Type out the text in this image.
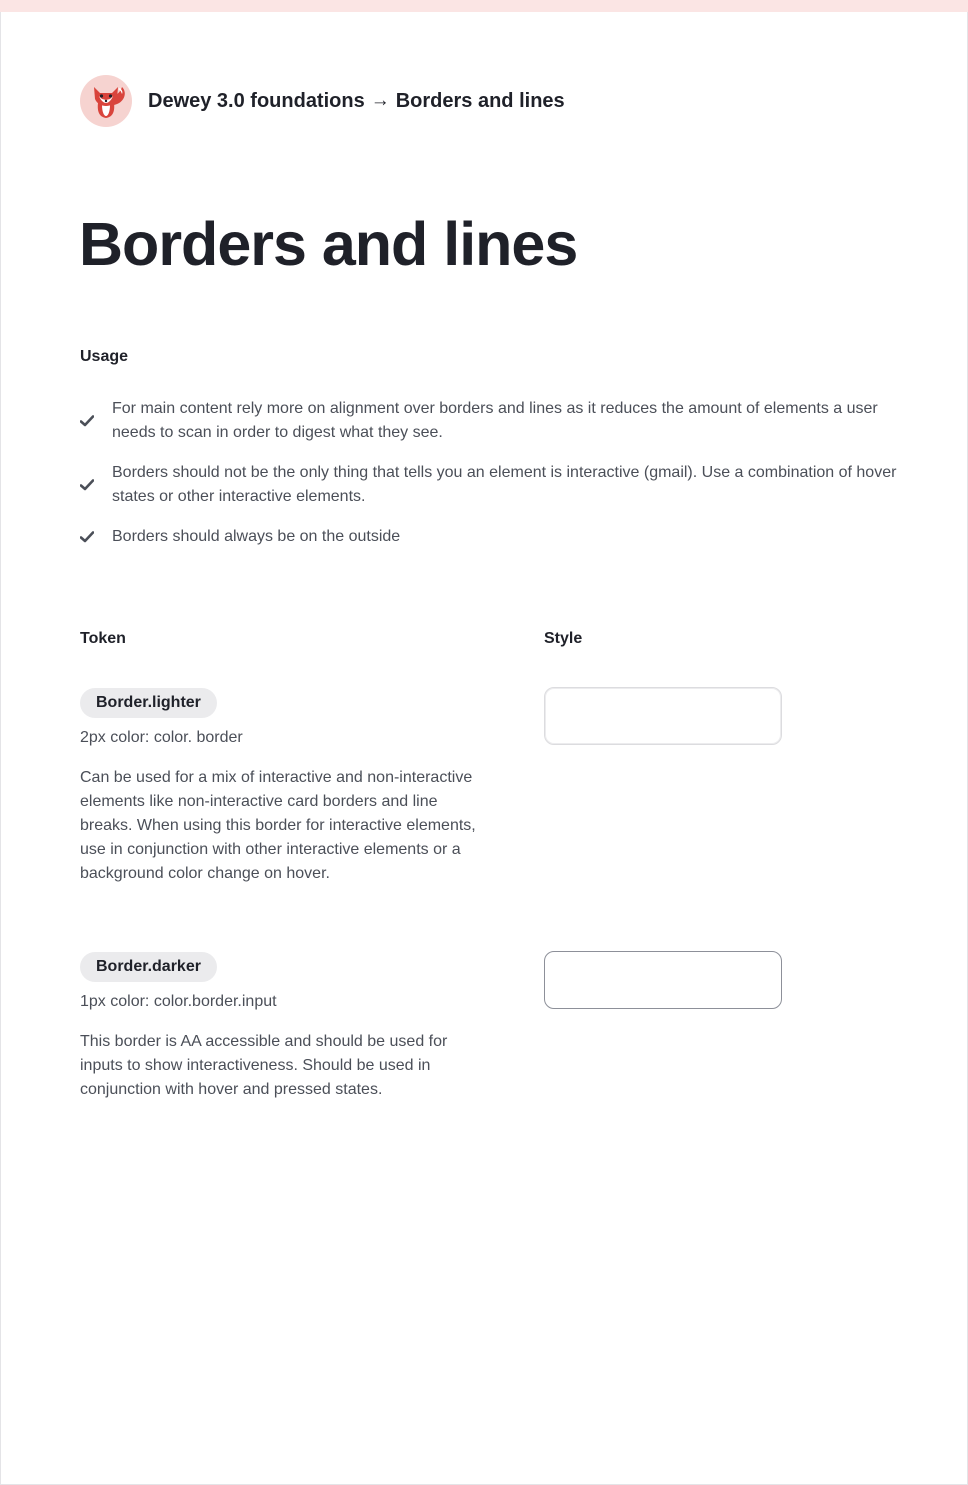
Dewey 3.0 foundations → Borders and lines
Borders and lines
Usage
For main content rely more on alignment over borders and lines as it reduces the amount of elements a user needs to scan in order to digest what they see.
Borders should not be the only thing that tells you an element is interactive (gmail). Use a combination of hover states or other interactive elements.
Borders should always be on the outside
Token	Style
Border.lighter
2px color: color. border
Can be used for a mix of interactive and non-interactive elements like non-interactive card borders and line breaks. When using this border for interactive elements, use in conjunction with other interactive elements or a background color change on hover.
Border.darker
1px color: color.border.input
This border is AA accessible and should be used for inputs to show interactiveness. Should be used in conjunction with hover and pressed states.
